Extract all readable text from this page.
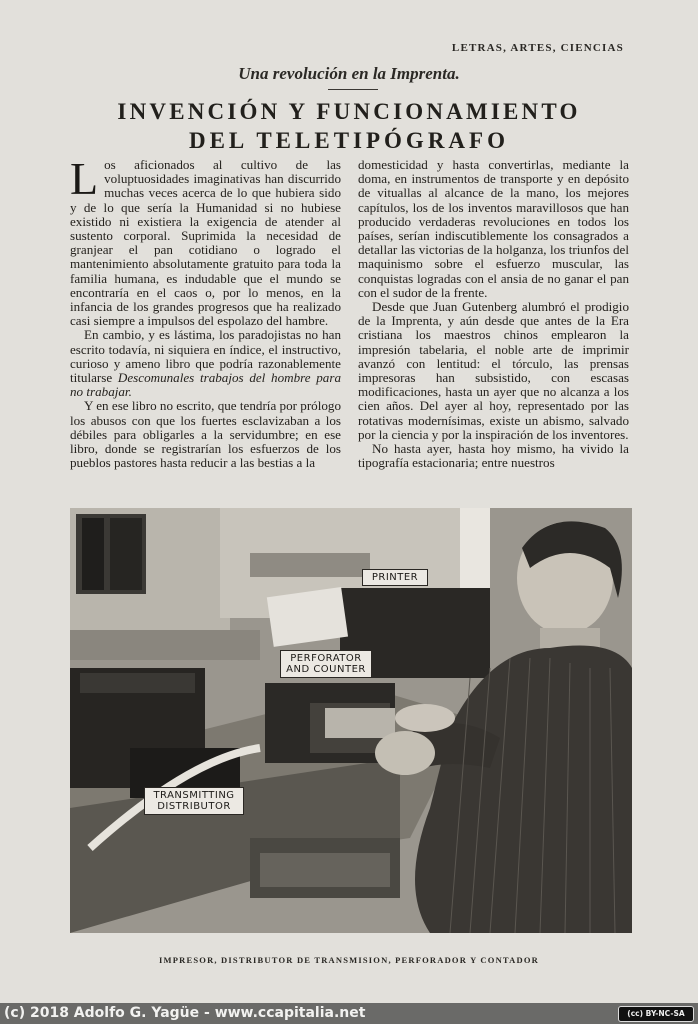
LETRAS, ARTES, CIENCIAS
Una revolución en la Imprenta.
INVENCIÓN Y FUNCIONAMIENTO
DEL TELETIPÓGRAFO

Los aficionados al cultivo de las voluptuosidades imaginativas han discurrido muchas veces acerca de lo que hubiera sido y de lo que sería la Humanidad si no hubiese existido ni existiera la exigencia de atender al sustento corporal. Suprimida la necesidad de granjear el pan cotidiano o logrado el mantenimiento absolutamente gratuito para toda la familia humana, es indudable que el mundo se encontraría en el caos o, por lo menos, en la infancia de los grandes progresos que ha realizado casi siempre a impulsos del espolazo del hambre.

En cambio, y es lástima, los paradojistas no han escrito todavía, ni siquiera en índice, el instructivo, curioso y ameno libro que podría razonablemente titularse Descomunales trabajos del hombre para no trabajar.

Y en ese libro no escrito, que tendría por prólogo los abusos con que los fuertes esclavizaban a los débiles para obligarles a la servidumbre; en ese libro, donde se registrarían los esfuerzos de los pueblos pastores hasta reducir a las bestias a la

domesticidad y hasta convertirlas, mediante la doma, en instrumentos de transporte y en depósito de vituallas al alcance de la mano, los mejores capítulos, los de los inventos maravillosos que han producido verdaderas revoluciones en todos los países, serían indiscutiblemente los consagrados a detallar las victorias de la holganza, los triunfos del maquinismo sobre el esfuerzo muscular, las conquistas logradas con el ansia de no ganar el pan con el sudor de la frente.

Desde que Juan Gutenberg alumbró el prodigio de la Imprenta, y aún desde que antes de la Era cristiana los maestros chinos emplearon la impresión tabelaria, el noble arte de imprimir avanzó con lentitud: el tórculo, las prensas impresoras han subsistido, con escasas modificaciones, hasta un ayer que no alcanza a los cien años. Del ayer al hoy, representado por las rotativas modernísimas, existe un abismo, salvado por la ciencia y por la inspiración de los inventores.

No hasta ayer, hasta hoy mismo, ha vivido la tipografía estacionaria; entre nuestros

PRINTER
PERFORATOR AND COUNTER
TRANSMITTING DISTRIBUTOR
IMPRESOR, DISTRIBUTOR DE TRANSMISION, PERFORADOR Y CONTADOR
(c) 2018 Adolfo G. Yagüe - www.ccapitalia.net	(cc) BY-NC-SA
